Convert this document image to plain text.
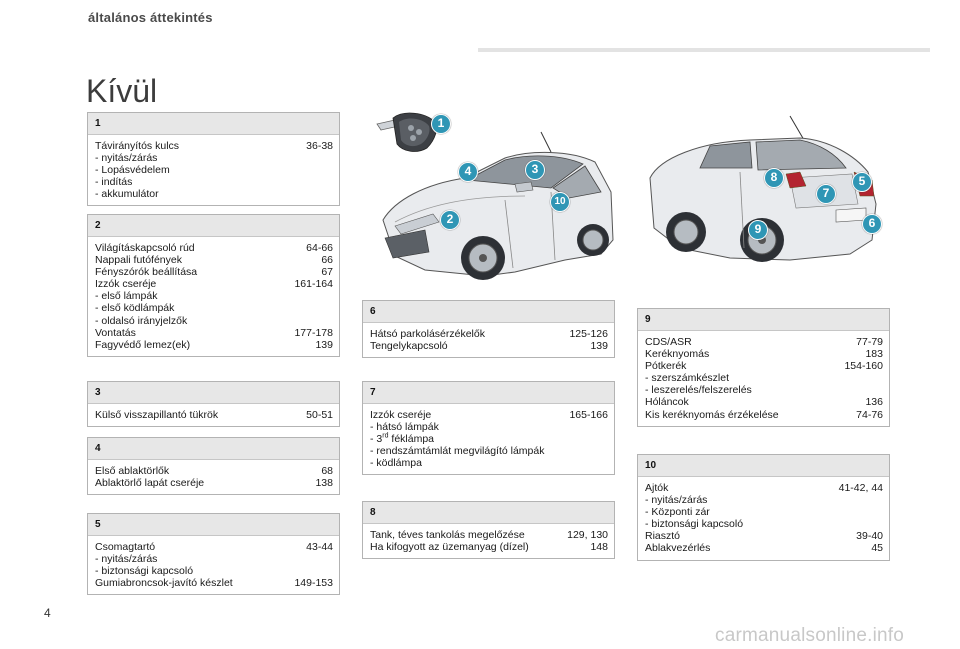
általános áttekintés
Kívül
1
Távirányítós kulcs	36-38
- nyitás/zárás
- Lopásvédelem
- indítás
- akkumulátor
2
Világításkapcsoló rúd	64-66
Nappali futófények	66
Fényszórók beállítása	67
Izzók cseréje	161-164
- első lámpák
- első ködlámpák
- oldalsó irányjelzők
Vontatás	177-178
Fagyvédő lemez(ek)	139
3
Külső visszapillantó tükrök	50-51
4
Első ablaktörlők	68
Ablaktörlő lapát cseréje	138
5
Csomagtartó	43-44
- nyitás/zárás
- biztonsági kapcsoló
Gumiabroncsok-javító készlet	149-153
6
Hátsó parkolásérzékelők	125-126
Tengelykapcsoló	139
7
Izzók cseréje	165-166
- hátsó lámpák
- 3rd féklámpa
- rendszámtámlát megvilágító lámpák
- ködlámpa
8
Tank, téves tankolás megelőzése	129, 130
Ha kifogyott az üzemanyag (dízel)	148
9
CDS/ASR	77-79
Keréknyomás	183
Pótkerék	154-160
- szerszámkészlet
- leszerelés/felszerelés
Hóláncok	136
Kis keréknyomás érzékelése	74-76
10
Ajtók	41-42, 44
- nyitás/zárás
- Központi zár
- biztonsági kapcsoló
Riasztó	39-40
Ablakvezérlés	45
1
3
4
10
2
8	5
7
9	6
4
carmanualsonline.info
